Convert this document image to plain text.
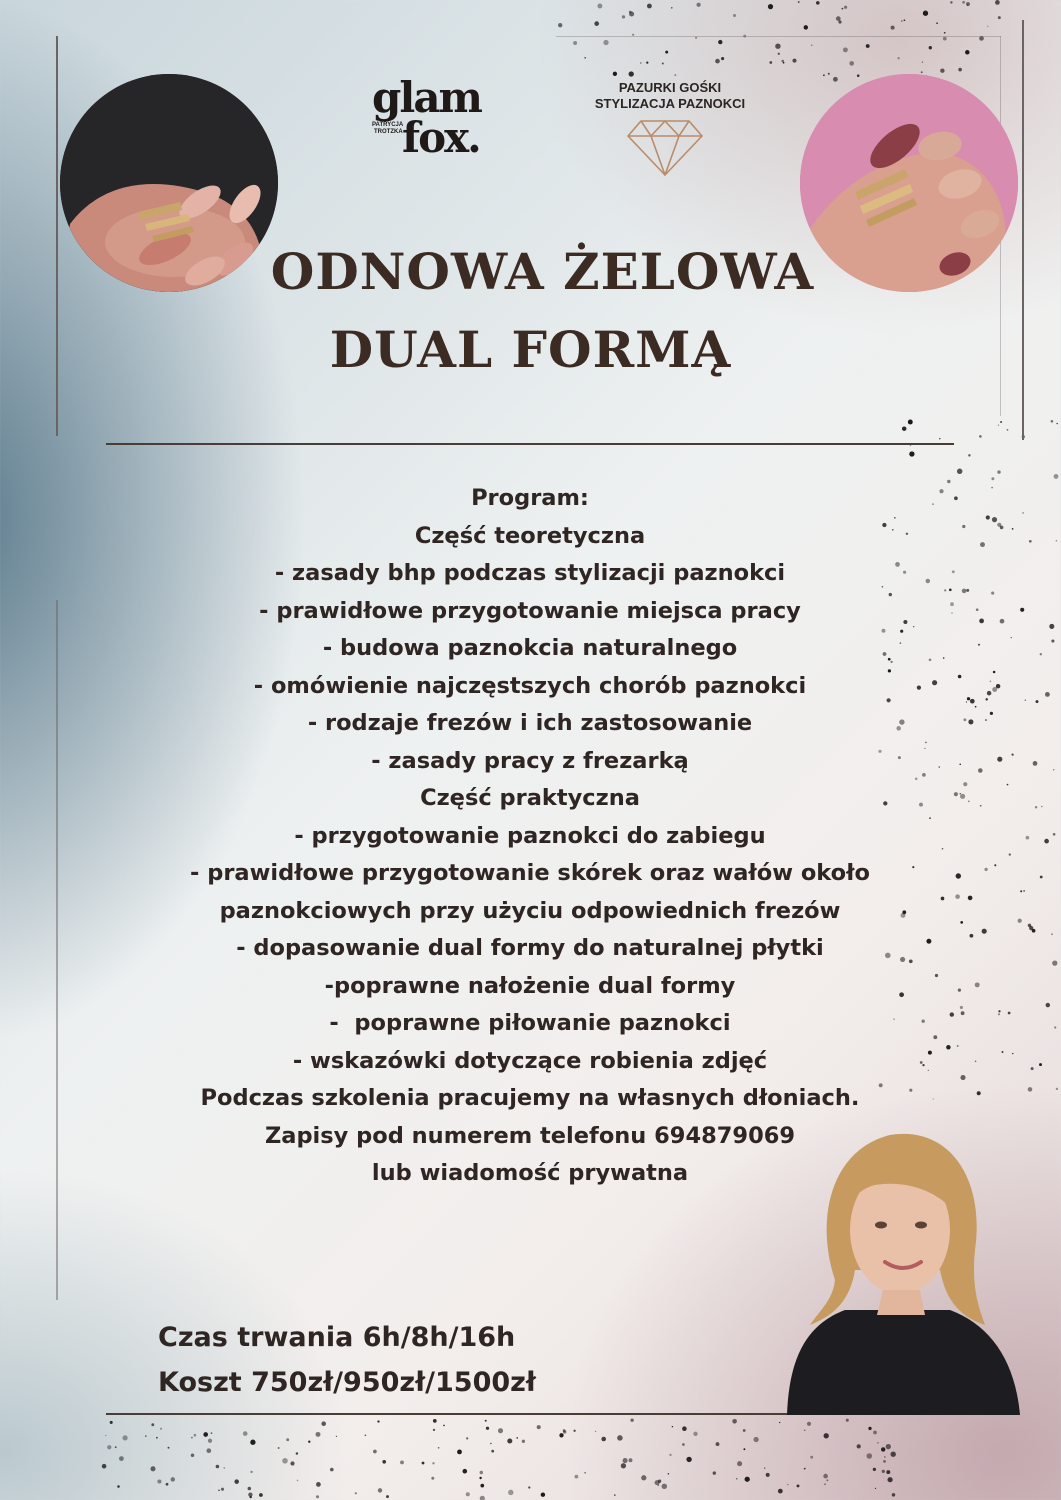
glam
fox.
PATRYCJA
TROTZKA
PAZURKI GOŚKI
STYLIZACJA PAZNOKCI
ODNOWA ŻELOWA
DUAL FORMĄ
Program:
Część teoretyczna
- zasady bhp podczas stylizacji paznokci
- prawidłowe przygotowanie miejsca pracy
- budowa paznokcia naturalnego
- omówienie najczęstszych chorób paznokci
- rodzaje frezów i ich zastosowanie
- zasady pracy z frezarką
Część praktyczna
- przygotowanie paznokci do zabiegu
- prawidłowe przygotowanie skórek oraz wałów około
paznokciowych przy użyciu odpowiednich frezów
- dopasowanie dual formy do naturalnej płytki
-poprawne nałożenie dual formy
-  poprawne piłowanie paznokci
- wskazówki dotyczące robienia zdjęć
Podczas szkolenia pracujemy na własnych dłoniach.
Zapisy pod numerem telefonu 694879069
lub wiadomość prywatna
Czas trwania 6h/8h/16h
Koszt 750zł/950zł/1500zł
